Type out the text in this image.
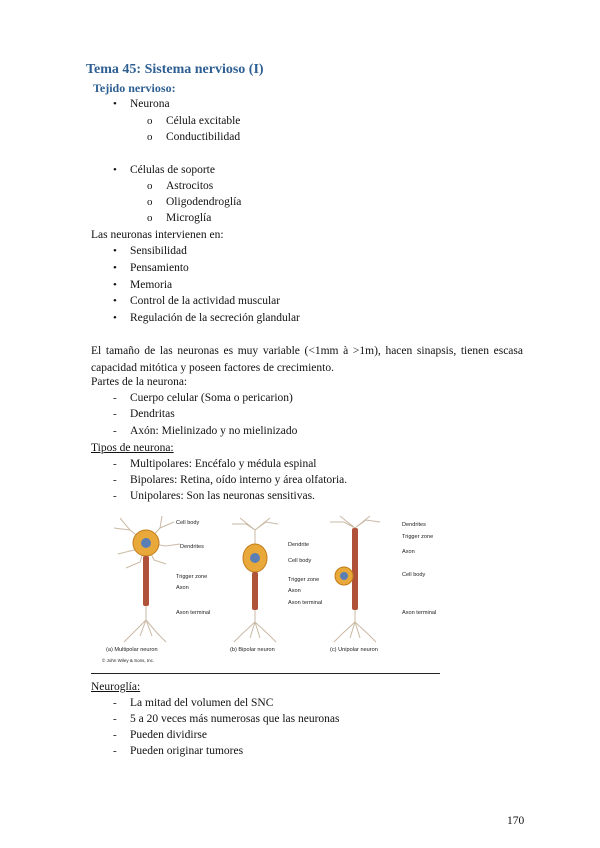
Tema 45: Sistema nervioso (I)
Tejido nervioso:
• Neurona
o Célula excitable
o Conductibilidad
• Células de soporte
o Astrocitos
o Oligodendroglía
o Microglía
Las neuronas intervienen en:
• Sensibilidad
• Pensamiento
• Memoria
• Control de la actividad muscular
• Regulación de la secreción glandular
El tamaño de las neuronas es muy variable (<1mm à >1m), hacen sinapsis, tienen escasa capacidad mitótica y poseen factores de crecimiento.
Partes de la neurona:
- Cuerpo celular (Soma o pericarion)
- Dendritas
- Axón: Mielinizado y no mielinizado
Tipos de neurona:
- Multipolares: Encéfalo y médula espinal
- Bipolares: Retina, oído interno y área olfatoria.
- Unipolares: Son las neuronas sensitivas.
Cell body
Dendrites
Trigger zone
Axon
Axon terminal
Dendrite
Cell body
Trigger zone
Axon
Axon terminal
Dendrites
Trigger zone
Axon
Cell body
Axon terminal
(a) Multipolar neuron	(b) Bipolar neuron	(c) Unipolar neuron
© John Wiley & Sons, Inc.
Neuroglía:
- La mitad del volumen del SNC
- 5 a 20 veces más numerosas que las neuronas
- Pueden dividirse
- Pueden originar tumores
170
